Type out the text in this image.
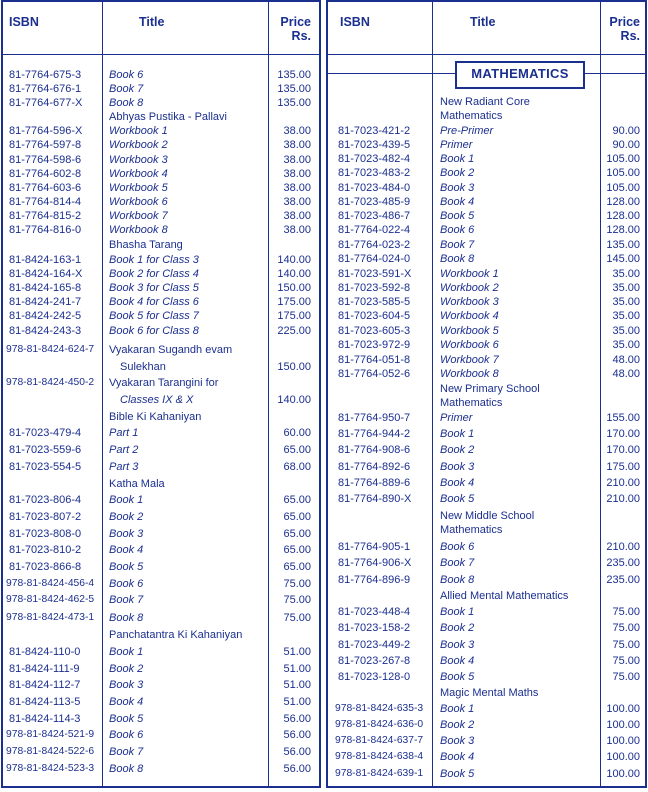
ISBN	Title	Price
Rs.
81-7764-675-3	Book 6	135.00
81-7764-676-1	Book 7	135.00
81-7764-677-X Book 8	135.00
Abhyas Pustika - Pallavi
81-7764-596-X Workbook 1	38.00
81-7764-597-8	Workbook 2	38.00
81-7764-598-6	Workbook 3	38.00
81-7764-602-8	Workbook 4	38.00
81-7764-603-6	Workbook 5	38.00
81-7764-814-4	Workbook 6	38.00
81-7764-815-2	Workbook 7	38.00
81-7764-816-0	Workbook 8	38.00
Bhasha Tarang
81-8424-163-1	Book 1 for Class 3	140.00
81-8424-164-X Book 2 for Class 4	140.00
81-8424-165-8	Book 3 for Class 5	150.00
81-8424-241-7	Book 4 for Class 6	175.00
81-8424-242-5	Book 5 for Class 7	175.00
81-8424-243-3	Book 6 for Class 8	225.00
978-81-8424-624-7 Vyakaran Sugandh evam
Sulekhan	150.00
978-81-8424-450-2 Vyakaran Tarangini for
Classes IX & X	140.00
Bible Ki Kahaniyan
81-7023-479-4	Part 1	60.00
81-7023-559-6	Part 2	65.00
81-7023-554-5	Part 3	68.00
Katha Mala
81-7023-806-4	Book 1	65.00
81-7023-807-2	Book 2	65.00
81-7023-808-0	Book 3	65.00
81-7023-810-2	Book 4	65.00
81-7023-866-8	Book 5	65.00
978-81-8424-456-4 Book 6	75.00
978-81-8424-462-5 Book 7	75.00
978-81-8424-473-1 Book 8	75.00
Panchatantra Ki Kahaniyan
81-8424-110-0	Book 1	51.00
81-8424-111-9	Book 2	51.00
81-8424-112-7	Book 3	51.00
81-8424-113-5	Book 4	51.00
81-8424-114-3	Book 5	56.00
978-81-8424-521-9 Book 6	56.00
978-81-8424-522-6 Book 7	56.00
978-81-8424-523-3 Book 8	56.00
ISBN	Title	Price
Rs.
MATHEMATICS
New Radiant Core
Mathematics
81-7023-421-2	Pre-Primer	90.00
81-7023-439-5	Primer	90.00
81-7023-482-4	Book 1	105.00
81-7023-483-2	Book 2	105.00
81-7023-484-0	Book 3	105.00
81-7023-485-9	Book 4	128.00
81-7023-486-7	Book 5	128.00
81-7764-022-4	Book 6	128.00
81-7764-023-2	Book 7	135.00
81-7764-024-0	Book 8	145.00
81-7023-591-X	Workbook 1	35.00
81-7023-592-8	Workbook 2	35.00
81-7023-585-5	Workbook 3	35.00
81-7023-604-5	Workbook 4	35.00
81-7023-605-3	Workbook 5	35.00
81-7023-972-9	Workbook 6	35.00
81-7764-051-8	Workbook 7	48.00
81-7764-052-6	Workbook 8	48.00
New Primary School
Mathematics
81-7764-950-7	Primer	155.00
81-7764-944-2	Book 1	170.00
81-7764-908-6	Book 2	170.00
81-7764-892-6	Book 3	175.00
81-7764-889-6	Book 4	210.00
81-7764-890-X	Book 5	210.00
New Middle School
Mathematics
81-7764-905-1	Book 6	210.00
81-7764-906-X	Book 7	235.00
81-7764-896-9	Book 8	235.00
Allied Mental Mathematics
81-7023-448-4	Book 1	75.00
81-7023-158-2	Book 2	75.00
81-7023-449-2	Book 3	75.00
81-7023-267-8	Book 4	75.00
81-7023-128-0	Book 5	75.00
Magic Mental Maths
978-81-8424-635-3 Book 1	100.00
978-81-8424-636-0 Book 2	100.00
978-81-8424-637-7 Book 3	100.00
978-81-8424-638-4 Book 4	100.00
978-81-8424-639-1 Book 5	100.00
